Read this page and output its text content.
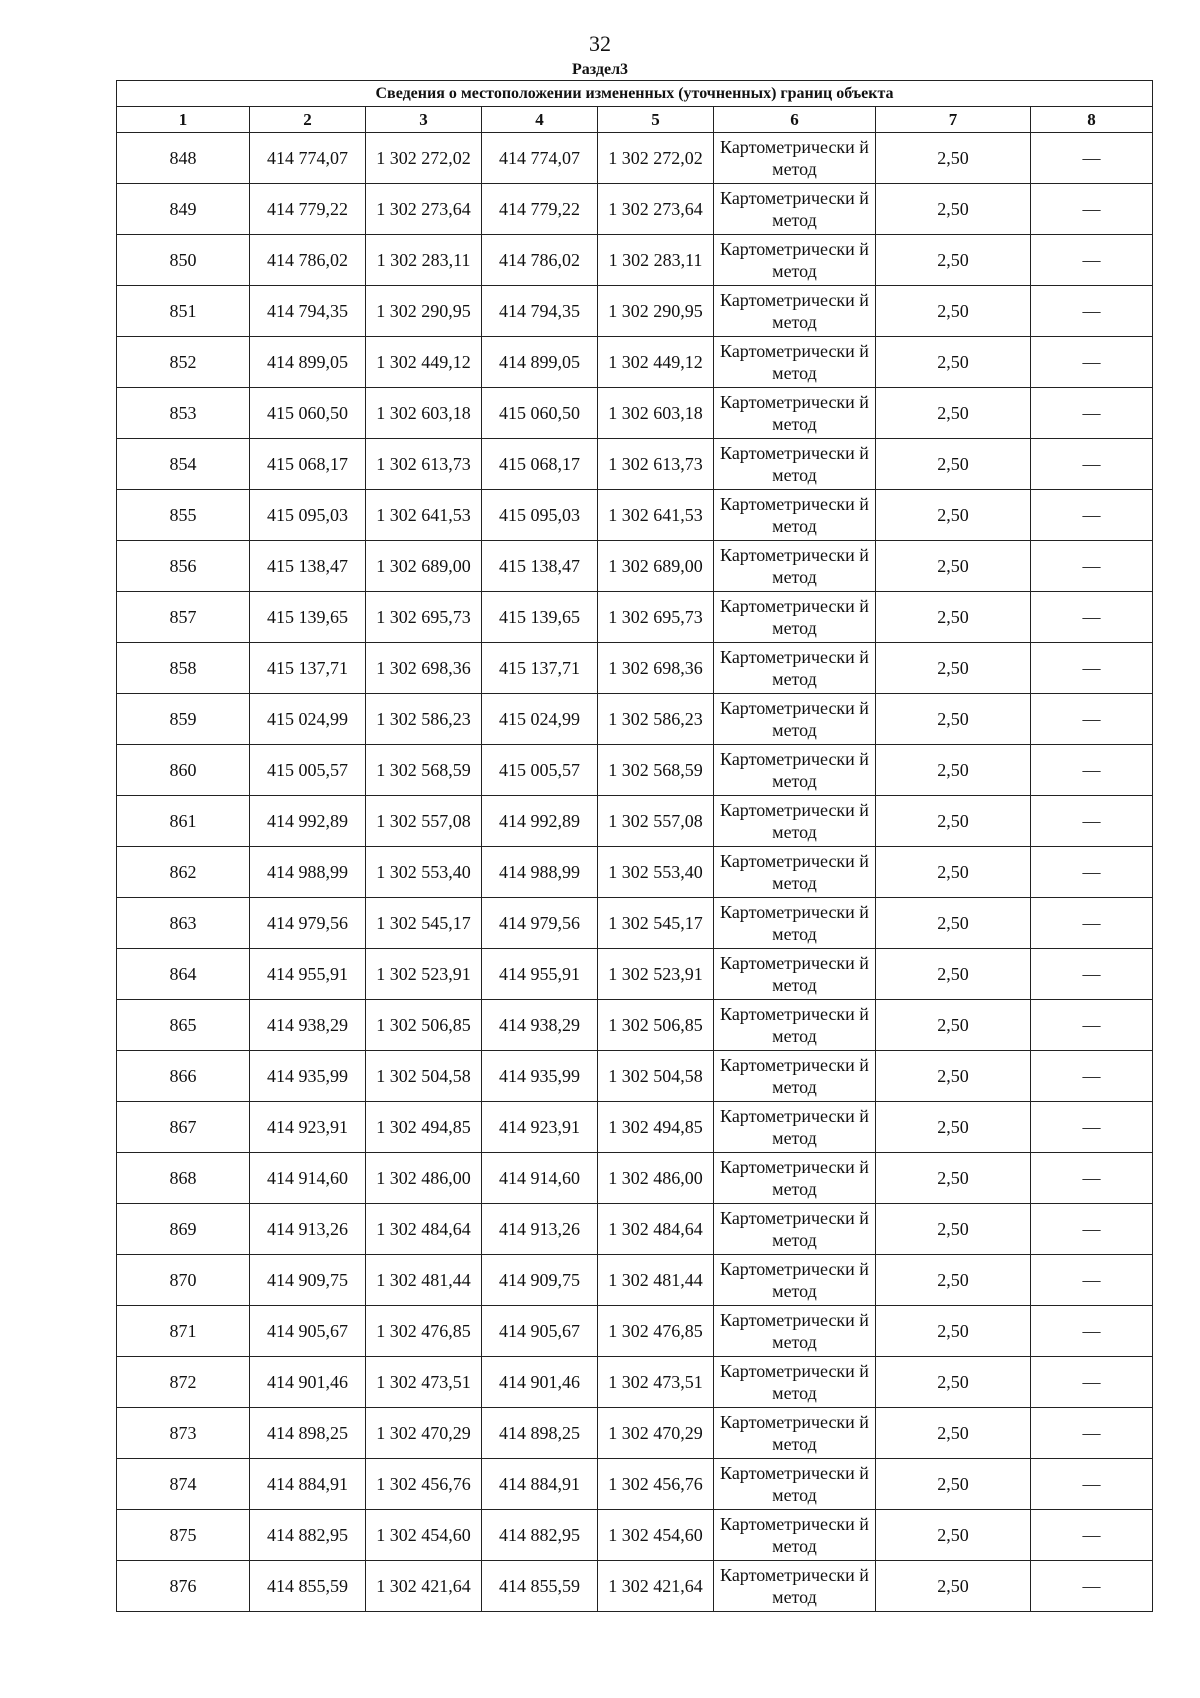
32
Раздел3
Сведения о местоположении измененных (уточненных) границ объекта							
1	2	3	4	5	6	7	8
848	414 774,07	1 302 272,02	414 774,07	1 302 272,02	Картометрически й метод	2,50	—
849	414 779,22	1 302 273,64	414 779,22	1 302 273,64	Картометрически й метод	2,50	—
850	414 786,02	1 302 283,11	414 786,02	1 302 283,11	Картометрически й метод	2,50	—
851	414 794,35	1 302 290,95	414 794,35	1 302 290,95	Картометрически й метод	2,50	—
852	414 899,05	1 302 449,12	414 899,05	1 302 449,12	Картометрически й метод	2,50	—
853	415 060,50	1 302 603,18	415 060,50	1 302 603,18	Картометрически й метод	2,50	—
854	415 068,17	1 302 613,73	415 068,17	1 302 613,73	Картометрически й метод	2,50	—
855	415 095,03	1 302 641,53	415 095,03	1 302 641,53	Картометрически й метод	2,50	—
856	415 138,47	1 302 689,00	415 138,47	1 302 689,00	Картометрически й метод	2,50	—
857	415 139,65	1 302 695,73	415 139,65	1 302 695,73	Картометрически й метод	2,50	—
858	415 137,71	1 302 698,36	415 137,71	1 302 698,36	Картометрически й метод	2,50	—
859	415 024,99	1 302 586,23	415 024,99	1 302 586,23	Картометрически й метод	2,50	—
860	415 005,57	1 302 568,59	415 005,57	1 302 568,59	Картометрически й метод	2,50	—
861	414 992,89	1 302 557,08	414 992,89	1 302 557,08	Картометрически й метод	2,50	—
862	414 988,99	1 302 553,40	414 988,99	1 302 553,40	Картометрически й метод	2,50	—
863	414 979,56	1 302 545,17	414 979,56	1 302 545,17	Картометрически й метод	2,50	—
864	414 955,91	1 302 523,91	414 955,91	1 302 523,91	Картометрически й метод	2,50	—
865	414 938,29	1 302 506,85	414 938,29	1 302 506,85	Картометрически й метод	2,50	—
866	414 935,99	1 302 504,58	414 935,99	1 302 504,58	Картометрически й метод	2,50	—
867	414 923,91	1 302 494,85	414 923,91	1 302 494,85	Картометрически й метод	2,50	—
868	414 914,60	1 302 486,00	414 914,60	1 302 486,00	Картометрически й метод	2,50	—
869	414 913,26	1 302 484,64	414 913,26	1 302 484,64	Картометрически й метод	2,50	—
870	414 909,75	1 302 481,44	414 909,75	1 302 481,44	Картометрически й метод	2,50	—
871	414 905,67	1 302 476,85	414 905,67	1 302 476,85	Картометрически й метод	2,50	—
872	414 901,46	1 302 473,51	414 901,46	1 302 473,51	Картометрически й метод	2,50	—
873	414 898,25	1 302 470,29	414 898,25	1 302 470,29	Картометрически й метод	2,50	—
874	414 884,91	1 302 456,76	414 884,91	1 302 456,76	Картометрически й метод	2,50	—
875	414 882,95	1 302 454,60	414 882,95	1 302 454,60	Картометрически й метод	2,50	—
876	414 855,59	1 302 421,64	414 855,59	1 302 421,64	Картометрически й метод	2,50	—
